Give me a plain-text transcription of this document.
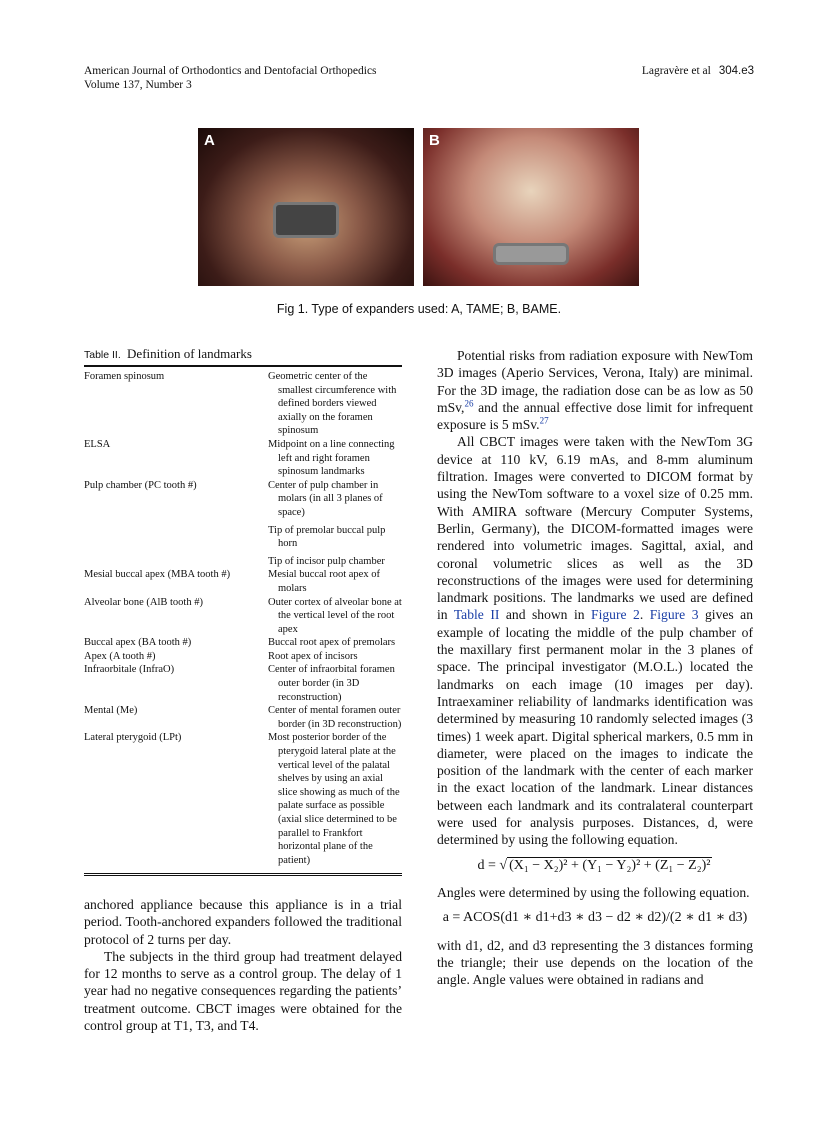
American Journal of Orthodontics and Dentofacial Orthopedics
Volume 137, Number 3
Lagravère et al 304.e3
A	B
Fig 1. Type of expanders used: A, TAME; B, BAME.
Table II. Definition of landmarks
Foramen spinosum	Geometric center of the smallest circumference with defined borders viewed axially on the foramen spinosum
ELSA	Midpoint on a line connecting left and right foramen spinosum landmarks
Pulp chamber (PC tooth #)	Center of pulp chamber in molars (in all 3 planes of space)
	Tip of premolar buccal pulp horn
	Tip of incisor pulp chamber
Mesial buccal apex (MBA tooth #)	Mesial buccal root apex of molars
Alveolar bone (AlB tooth #)	Outer cortex of alveolar bone at the vertical level of the root apex
Buccal apex (BA tooth #)	Buccal root apex of premolars
Apex (A tooth #)	Root apex of incisors
Infraorbitale (InfraO)	Center of infraorbital foramen outer border (in 3D reconstruction)
Mental (Me)	Center of mental foramen outer border (in 3D reconstruction)
Lateral pterygoid (LPt)	Most posterior border of the pterygoid lateral plate at the vertical level of the palatal shelves by using an axial slice showing as much of the palate surface as possible (axial slice determined to be parallel to Frankfort horizontal plane of the patient)

anchored appliance because this appliance is in a trial period. Tooth-anchored expanders followed the traditional protocol of 2 turns per day.

The subjects in the third group had treatment delayed for 12 months to serve as a control group. The delay of 1 year had no negative consequences regarding the patients’ treatment outcome. CBCT images were obtained for the control group at T1, T3, and T4.

Potential risks from radiation exposure with NewTom 3D images (Aperio Services, Verona, Italy) are minimal. For the 3D image, the radiation dose can be as low as 50 mSv,$^{26}$ and the annual effective dose limit for infrequent exposure is 5 mSv.$^{27}$

All CBCT images were taken with the NewTom 3G device at 110 kV, 6.19 mAs, and 8-mm aluminum filtration. Images were converted to DICOM format by using the NewTom software to a voxel size of 0.25 mm. With AMIRA software (Mercury Computer Systems, Berlin, Germany), the DICOM-formatted images were rendered into volumetric images. Sagittal, axial, and coronal volumetric slices as well as the 3D reconstructions of the images were used for determining landmark positions. The landmarks we used are defined in Table II and shown in Figure 2. Figure 3 gives an example of locating the middle of the pulp chamber of the maxillary first permanent molar in the 3 planes of space. The principal investigator (M.O.L.) located the landmarks on each image (10 images per day). Intraexaminer reliability of landmarks identification was determined by measuring 10 randomly selected images (3 times) 1 week apart. Digital spherical markers, 0.5 mm in diameter, were placed on the images to indicate the position of the landmark with the center of each marker in the exact location of the landmark. Linear distances between each landmark and its contralateral counterpart were used for analysis purposes. Distances, d, were determined by using the following equation.

d = √ (X₁ − X₂)² + (Y₁ − Y₂)² + (Z₁ − Z₂)²

Angles were determined by using the following equation.

a = ACOS(d1 ∗ d1+d3 ∗ d3 − d2 ∗ d2)/(2 ∗ d1 ∗ d3)

with d1, d2, and d3 representing the 3 distances forming the triangle; their use depends on the location of the angle. Angle values were obtained in radians and
